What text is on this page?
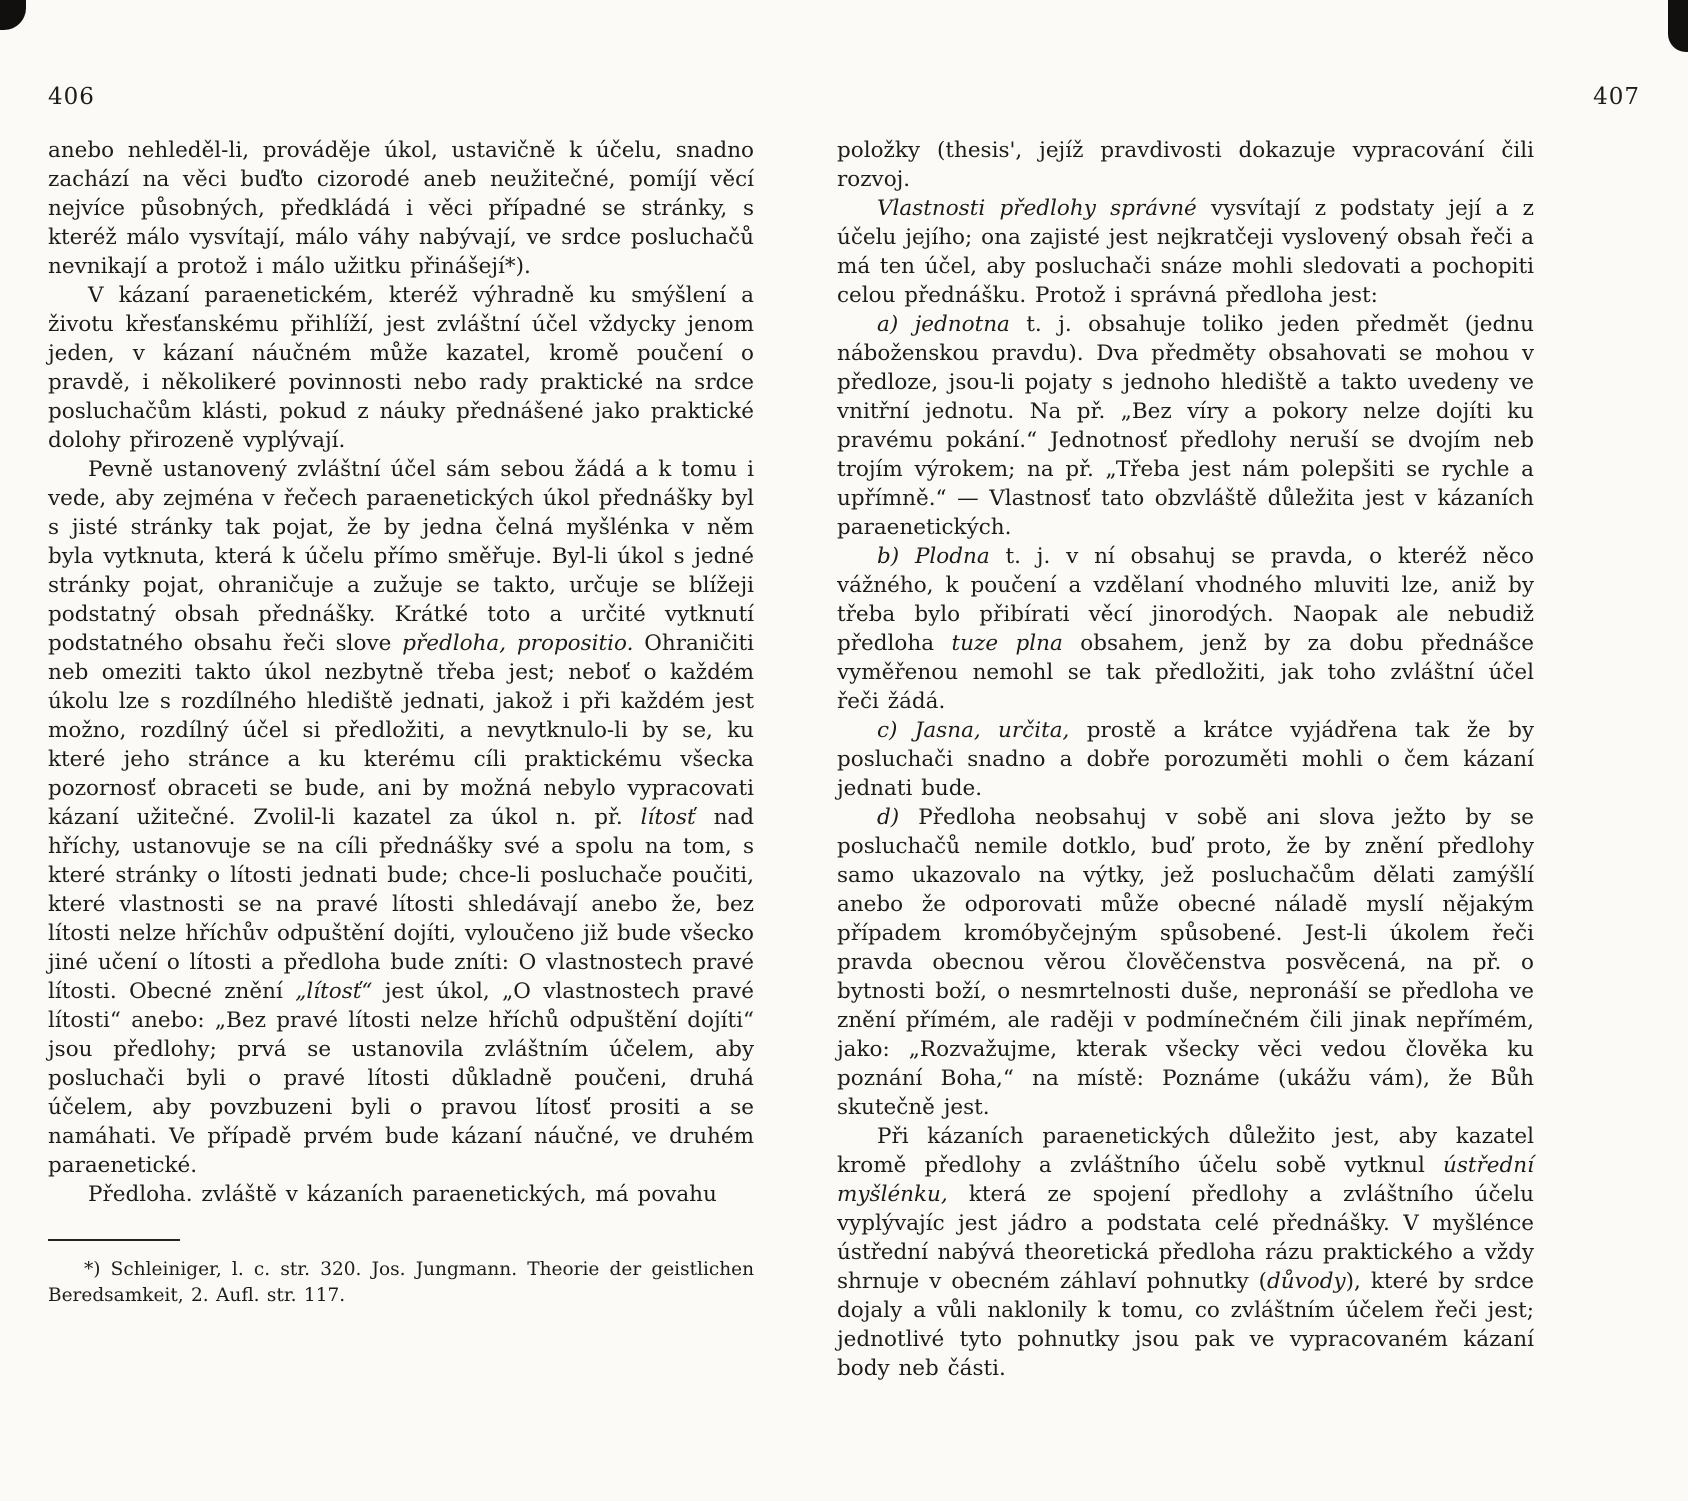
406

anebo nehleděl-li, prováděje úkol, ustavičně k účelu, snadno zachází na věci buďto cizorodé aneb neužitečné, pomíjí věcí nejvíce působných, předkládá i věci případné se stránky, s kteréž málo vysvítají, málo váhy nabývají, ve srdce posluchačů nevnikají a protož i málo užitku přinášejí*).

V kázaní paraenetickém, kteréž výhradně ku smýšlení a životu křesťanskému přihlíží, jest zvláštní účel vždycky jenom jeden, v kázaní náučném může kazatel, kromě poučení o pravdě, i několikeré povinnosti nebo rady praktické na srdce posluchačům klásti, pokud z náuky přednášené jako praktické dolohy přirozeně vyplývají.

Pevně ustanovený zvláštní účel sám sebou žádá a k tomu i vede, aby zejména v řečech paraenetických úkol přednášky byl s jisté stránky tak pojat, že by jedna čelná myšlénka v něm byla vytknuta, která k účelu přímo směřuje. Byl-li úkol s jedné stránky pojat, ohraničuje a zužuje se takto, určuje se blížeji podstatný obsah přednášky. Krátké toto a určité vytknutí podstatného obsahu řeči slove předloha, propositio. Ohraničiti neb omeziti takto úkol nezbytně třeba jest; neboť o každém úkolu lze s rozdílného hlediště jednati, jakož i při každém jest možno, rozdílný účel si předložiti, a nevytknulo-li by se, ku které jeho stránce a ku kterému cíli praktickému všecka pozornosť obraceti se bude, ani by možná nebylo vypracovati kázaní užitečné. Zvolil-li kazatel za úkol n. př. lítosť nad hříchy, ustanovuje se na cíli přednášky své a spolu na tom, s které stránky o lítosti jednati bude; chce-li posluchače poučiti, které vlastnosti se na pravé lítosti shledávají anebo že, bez lítosti nelze hříchův odpuštění dojíti, vyloučeno již bude všecko jiné učení o lítosti a předloha bude zníti: O vlastnostech pravé lítosti. Obecné znění „lítosť“ jest úkol, „O vlastnostech pravé lítosti“ anebo: „Bez pravé lítosti nelze hříchů odpuštění dojíti“ jsou předlohy; prvá se ustanovila zvláštním účelem, aby posluchači byli o pravé lítosti důkladně poučeni, druhá účelem, aby povzbuzeni byli o pravou lítosť prositi a se namáhati. Ve případě prvém bude kázaní náučné, ve druhém paraenetické.

Předloha. zvláště v kázaních paraenetických, má povahu

*) Schleiniger, l. c. str. 320. Jos. Jungmann. Theorie der geistlichen Beredsamkeit, 2. Aufl. str. 117.

407

položky (thesis', jejíž pravdivosti dokazuje vypracování čili rozvoj.

Vlastnosti předlohy správné vysvítají z podstaty její a z účelu jejího; ona zajisté jest nejkratčeji vyslovený obsah řeči a má ten účel, aby posluchači snáze mohli sledovati a pochopiti celou přednášku. Protož i správná předloha jest:

a) jednotna t. j. obsahuje toliko jeden předmět (jednu náboženskou pravdu). Dva předměty obsahovati se mohou v předloze, jsou-li pojaty s jednoho hlediště a takto uvedeny ve vnitřní jednotu. Na př. „Bez víry a pokory nelze dojíti ku pravému pokání.“ Jednotnosť předlohy neruší se dvojím neb trojím výrokem; na př. „Třeba jest nám polepšiti se rychle a upřímně.“ — Vlastnosť tato obzvláště důležita jest v kázaních paraenetických.

b) Plodna t. j. v ní obsahuj se pravda, o kteréž něco vážného, k poučení a vzdělaní vhodného mluviti lze, aniž by třeba bylo přibírati věcí jinorodých. Naopak ale nebudiž předloha tuze plna obsahem, jenž by za dobu přednášce vyměřenou nemohl se tak předložiti, jak toho zvláštní účel řeči žádá.

c) Jasna, určita, prostě a krátce vyjádřena tak že by posluchači snadno a dobře porozuměti mohli o čem kázaní jednati bude.

d) Předloha neobsahuj v sobě ani slova ježto by se posluchačů nemile dotklo, buď proto, že by znění předlohy samo ukazovalo na výtky, jež posluchačům dělati zamýšlí anebo že odporovati může obecné náladě myslí nějakým případem kromóbyčejným spůsobené. Jest-li úkolem řeči pravda obecnou věrou člověčenstva posvěcená, na př. o bytnosti boží, o nesmrtelnosti duše, nepronáší se předloha ve znění přímém, ale raději v podmínečném čili jinak nepřímém, jako: „Rozvažujme, kterak všecky věci vedou člověka ku poznání Boha,“ na místě: Poznáme (ukážu vám), že Bůh skutečně jest.

Při kázaních paraenetických důležito jest, aby kazatel kromě předlohy a zvláštního účelu sobě vytknul ústřední myšlénku, která ze spojení předlohy a zvláštního účelu vyplývajíc jest jádro a podstata celé přednášky. V myšlénce ústřední nabývá theoretická předloha rázu praktického a vždy shrnuje v obecném záhlaví pohnutky (důvody), které by srdce dojaly a vůli naklonily k tomu, co zvláštním účelem řeči jest; jednotlivé tyto pohnutky jsou pak ve vypracovaném kázaní body neb části.
